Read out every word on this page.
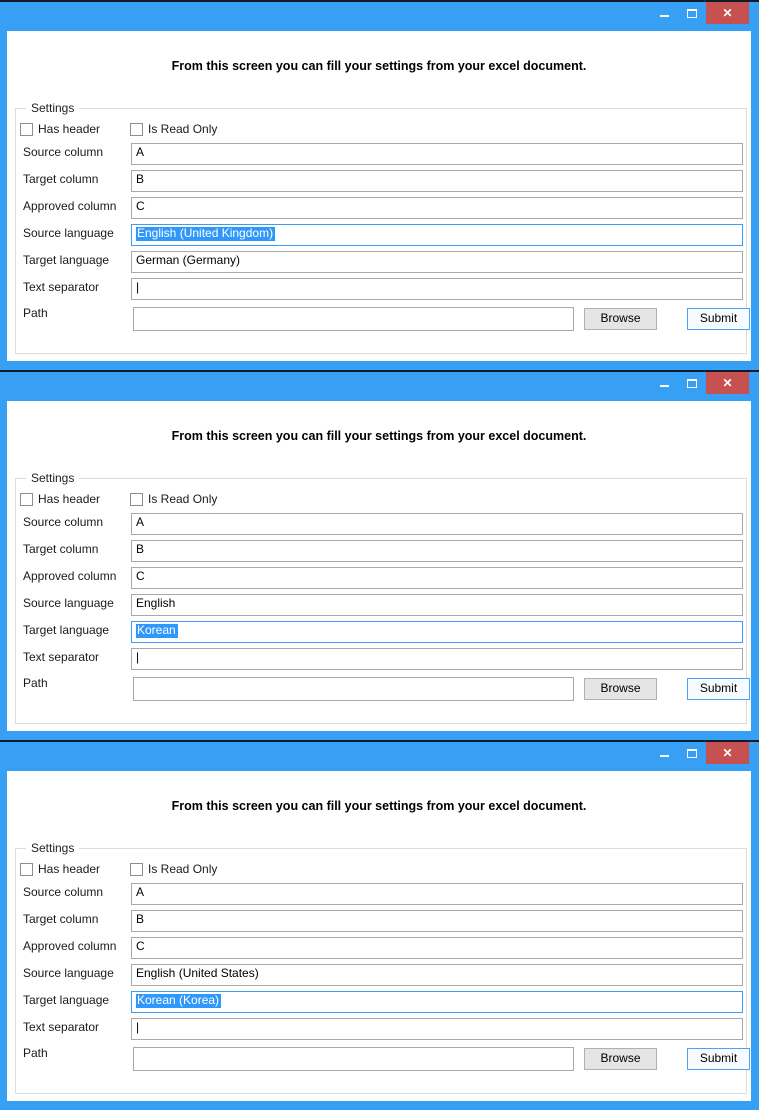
✕
From this screen you can fill your settings from your excel document.
Settings
Has header	Is Read Only
Source column	A
Target column	B
Approved column	C
Source language	English (United Kingdom)
Target language	German (Germany)
Text separator	|
Path	Browse	Submit
✕
From this screen you can fill your settings from your excel document.
Settings
Has header	Is Read Only
Source column	A
Target column	B
Approved column	C
Source language	English
Target language	Korean
Text separator	|
Path	Browse	Submit
✕
From this screen you can fill your settings from your excel document.
Settings
Has header	Is Read Only
Source column	A
Target column	B
Approved column	C
Source language	English (United States)
Target language	Korean (Korea)
Text separator	|
Path	Browse	Submit
